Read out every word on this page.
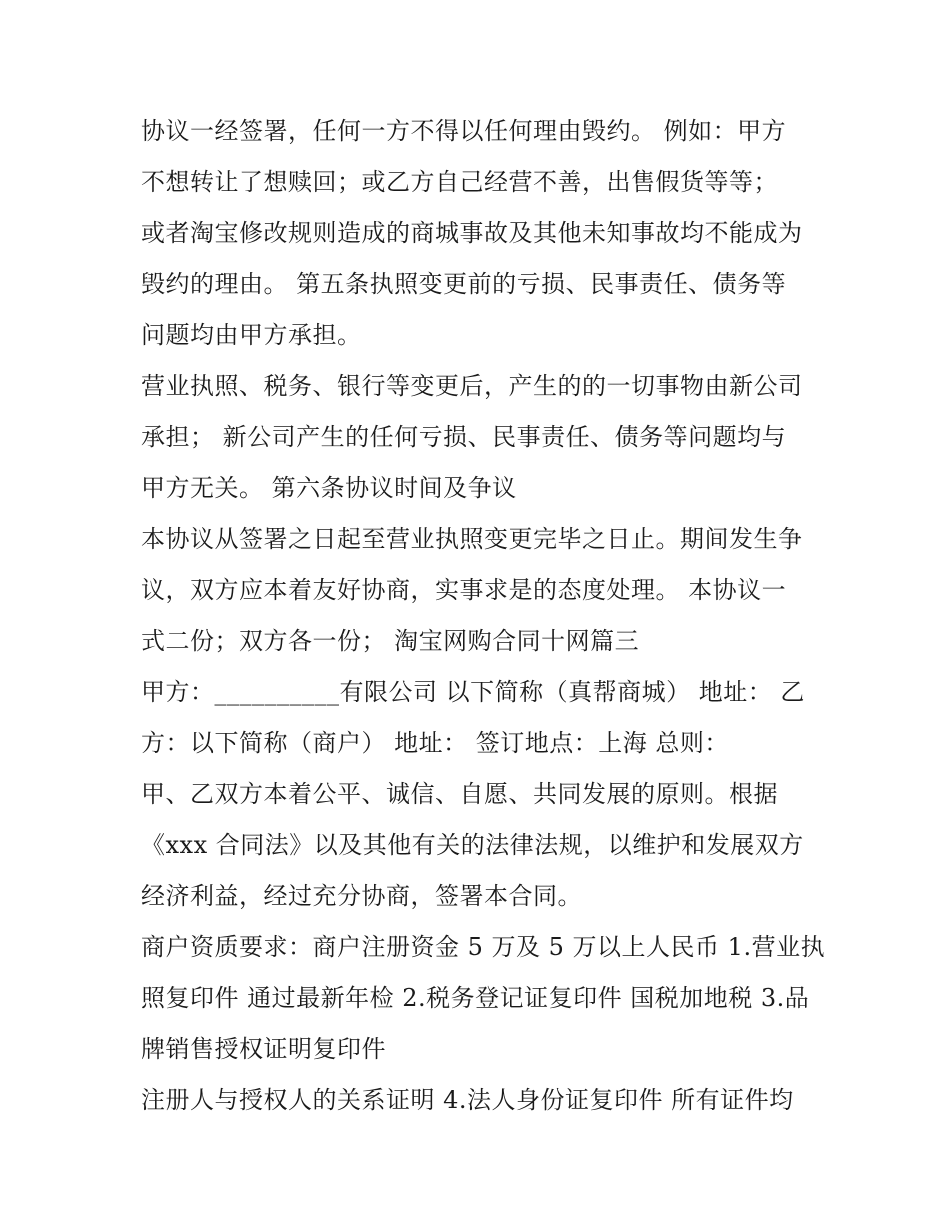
协议一经签署，任何一方不得以任何理由毁约。 例如：甲方
不想转让了想赎回；或乙方自己经营不善，出售假货等等；
或者淘宝修改规则造成的商城事故及其他未知事故均不能成为
毁约的理由。 第五条执照变更前的亏损、民事责任、债务等
问题均由甲方承担。
营业执照、税务、银行等变更后，产生的的一切事物由新公司
承担； 新公司产生的任何亏损、民事责任、债务等问题均与
甲方无关。 第六条协议时间及争议
本协议从签署之日起至营业执照变更完毕之日止。期间发生争
议，双方应本着友好协商，实事求是的态度处理。 本协议一
式二份；双方各一份； 淘宝网购合同十网篇三
甲方：__________有限公司 以下简称（真帮商城） 地址： 乙
方：以下简称（商户） 地址： 签订地点：上海 总则：
甲、乙双方本着公平、诚信、自愿、共同发展的原则。根据
《xxx 合同法》以及其他有关的法律法规，以维护和发展双方
经济利益，经过充分协商，签署本合同。
商户资质要求：商户注册资金 5 万及 5 万以上人民币 1.营业执
照复印件 通过最新年检 2.税务登记证复印件 国税加地税 3.品
牌销售授权证明复印件
注册人与授权人的关系证明 4.法人身份证复印件 所有证件均
